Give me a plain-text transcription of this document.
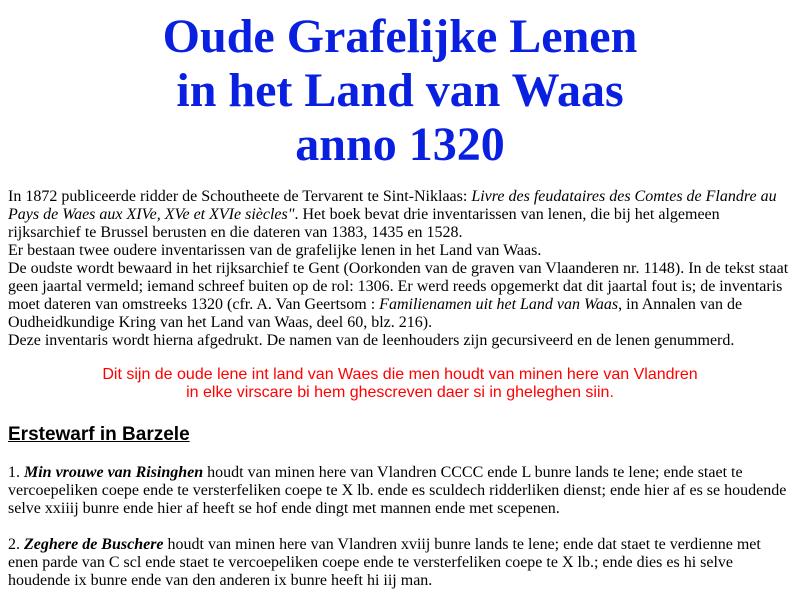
Oude Grafelijke Lenen
in het Land van Waas
anno 1320

In 1872 publiceerde ridder de Schoutheete de Tervarent te Sint-Niklaas: Livre des feudataires des Comtes de Flandre au Pays de Waes aux XIVe, XVe et XVIe siècles". Het boek bevat drie inventarissen van lenen, die bij het algemeen rijksarchief te Brussel berusten en die dateren van 1383, 1435 en 1528.

Er bestaan twee oudere inventarissen van de grafelijke lenen in het Land van Waas.

De oudste wordt bewaard in het rijksarchief te Gent (Oorkonden van de graven van Vlaanderen nr. 1148). In de tekst staat geen jaartal vermeld; iemand schreef buiten op de rol: 1306. Er werd reeds opgemerkt dat dit jaartal fout is; de inventaris moet dateren van omstreeks 1320 (cfr. A. Van Geertsom : Familienamen uit het Land van Waas, in Annalen van de Oudheidkundige Kring van het Land van Waas, deel 60, blz. 216).

Deze inventaris wordt hierna afgedrukt. De namen van de leenhouders zijn gecursiveerd en de lenen genummerd.

Dit sijn de oude lene int land van Waes die men houdt van minen here van Vlandren
in elke virscare bi hem ghescreven daer si in gheleghen siin.
Erstewarf in Barzele
1. Min vrouwe van Risinghen houdt van minen here van Vlandren CCCC ende L bunre lands te lene; ende staet te vercoepeliken coepe ende te versterfeliken coepe te X lb. ende es sculdech ridderliken dienst; ende hier af es se houdende selve xxiiij bunre ende hier af heeft se hof ende dingt met mannen ende met scepenen.
2. Zeghere de Buschere houdt van minen here van Vlandren xviij bunre lands te lene; ende dat staet te verdienne met enen parde van C scl ende staet te vercoepeliken coepe ende te versterfeliken coepe te X lb.; ende dies es hi selve houdende ix bunre ende van den anderen ix bunre heeft hi iij man.
